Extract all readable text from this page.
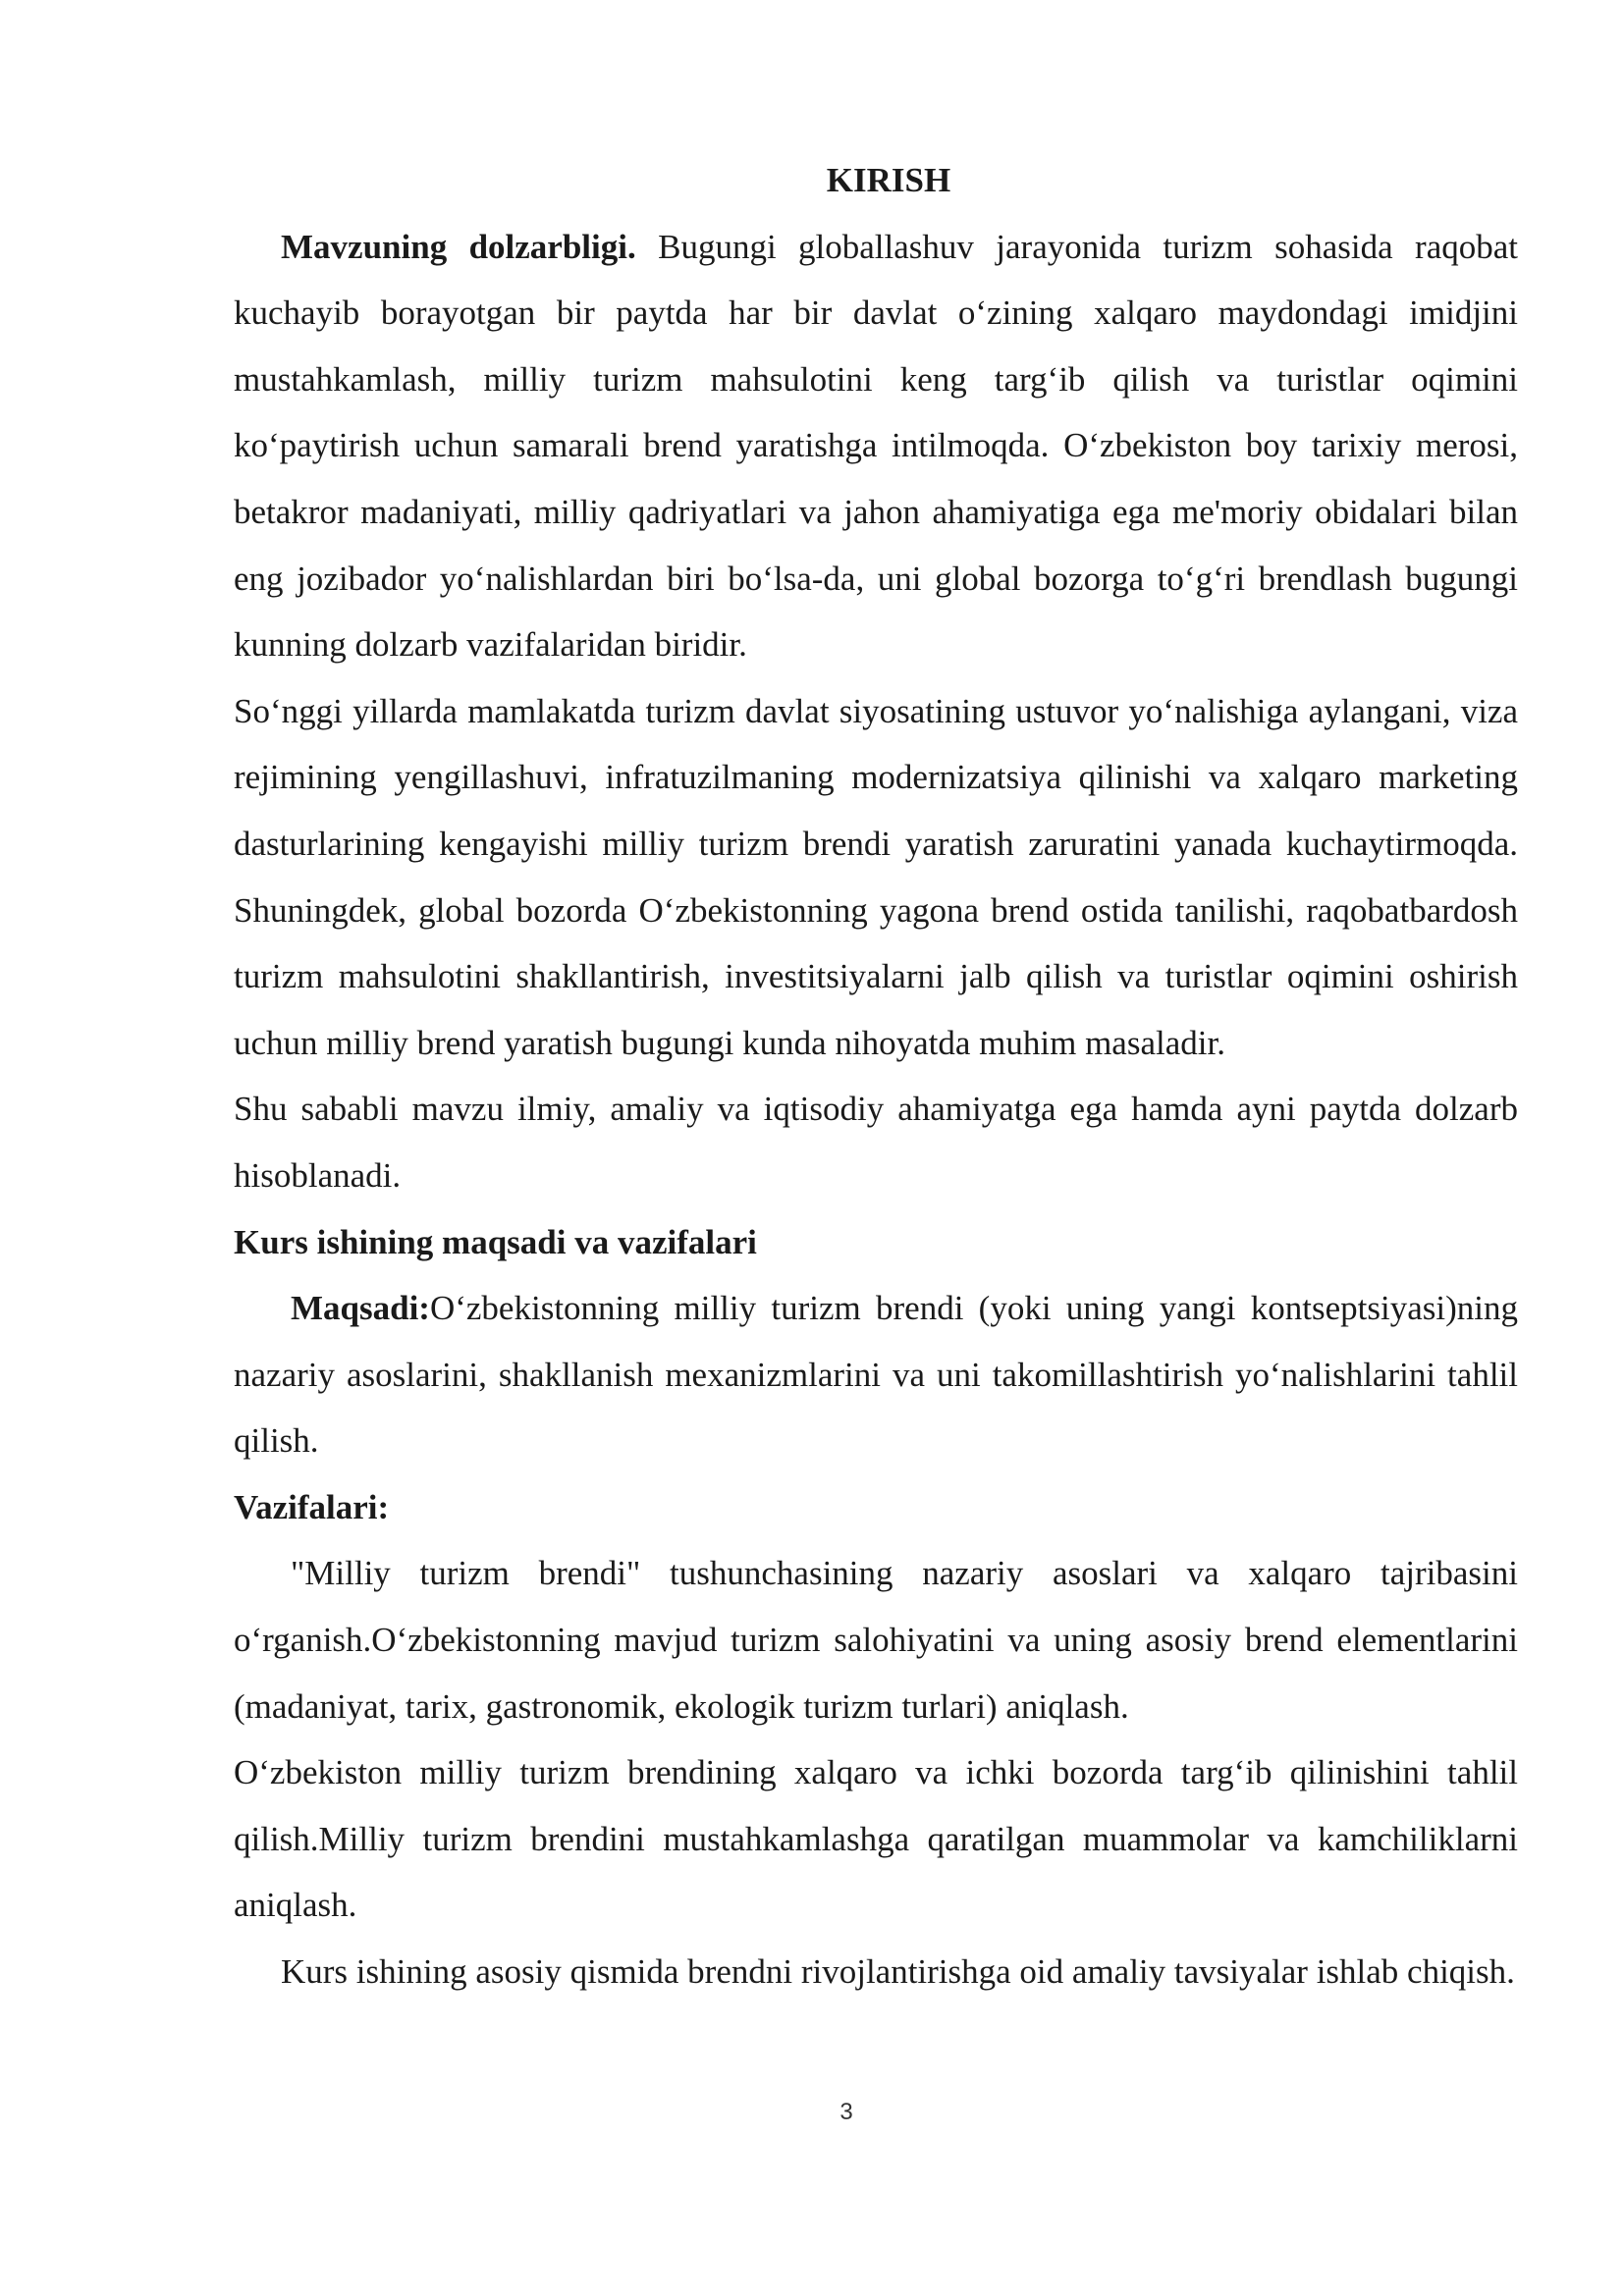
KIRISH

Mavzuning dolzarbligi. Bugungi globallashuv jarayonida turizm sohasida raqobat kuchayib borayotgan bir paytda har bir davlat o‘zining xalqaro maydondagi imidjini mustahkamlash, milliy turizm mahsulotini keng targ‘ib qilish va turistlar oqimini ko‘paytirish uchun samarali brend yaratishga intilmoqda. O‘zbekiston boy tarixiy merosi, betakror madaniyati, milliy qadriyatlari va jahon ahamiyatiga ega me'moriy obidalari bilan eng jozibador yo‘nalishlardan biri bo‘lsa-da, uni global bozorga to‘g‘ri brendlash bugungi kunning dolzarb vazifalaridan biridir.

So‘nggi yillarda mamlakatda turizm davlat siyosatining ustuvor yo‘nalishiga aylangani, viza rejimining yengillashuvi, infratuzilmaning modernizatsiya qilinishi va xalqaro marketing dasturlarining kengayishi milliy turizm brendi yaratish zaruratini yanada kuchaytirmoqda. Shuningdek, global bozorda O‘zbekistonning yagona brend ostida tanilishi, raqobatbardosh turizm mahsulotini shakllantirish, investitsiyalarni jalb qilish va turistlar oqimini oshirish uchun milliy brend yaratish bugungi kunda nihoyatda muhim masaladir.

Shu sababli mavzu ilmiy, amaliy va iqtisodiy ahamiyatga ega hamda ayni paytda dolzarb hisoblanadi.

Kurs ishining maqsadi va vazifalari

Maqsadi:O‘zbekistonning milliy turizm brendi (yoki uning yangi kontseptsiyasi)ning nazariy asoslarini, shakllanish mexanizmlarini va uni takomillashtirish yo‘nalishlarini tahlil qilish.

Vazifalari:

"Milliy turizm brendi" tushunchasining nazariy asoslari va xalqaro tajribasini o‘rganish.O‘zbekistonning mavjud turizm salohiyatini va uning asosiy brend elementlarini (madaniyat, tarix, gastronomik, ekologik turizm turlari) aniqlash.

O‘zbekiston milliy turizm brendining xalqaro va ichki bozorda targ‘ib qilinishini tahlil qilish.Milliy turizm brendini mustahkamlashga qaratilgan muammolar va kamchiliklarni aniqlash.

Kurs ishining asosiy qismida brendni rivojlantirishga oid amaliy tavsiyalar ishlab chiqish.

3
